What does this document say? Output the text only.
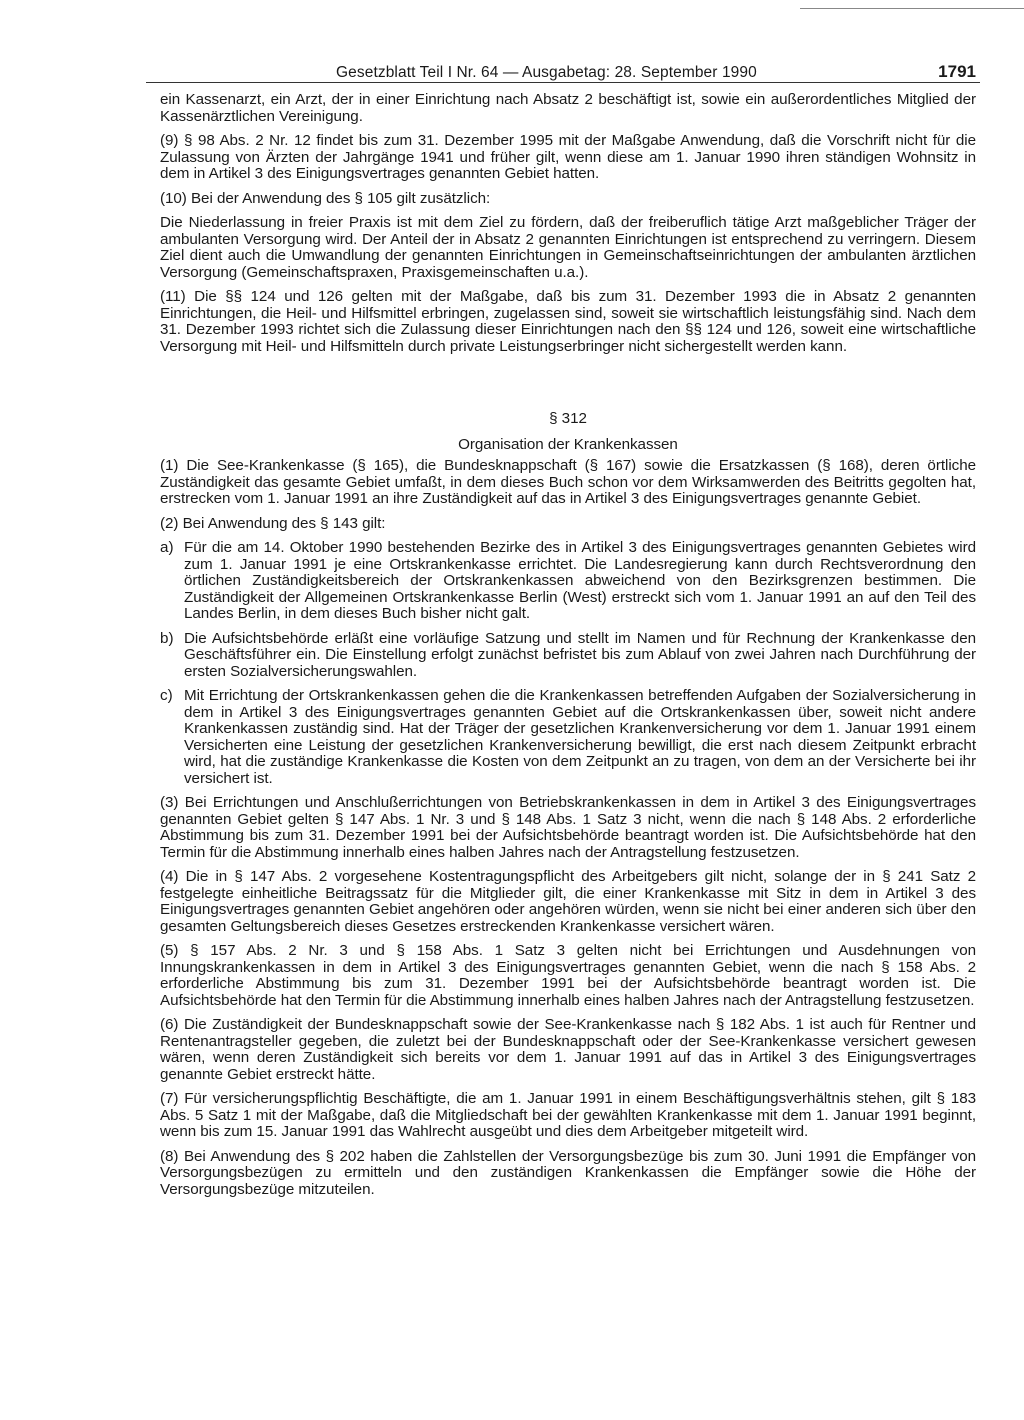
Gesetzblatt Teil I Nr. 64 — Ausgabetag: 28. September 1990	1791

ein Kassenarzt, ein Arzt, der in einer Einrichtung nach Absatz 2 beschäftigt ist, sowie ein außerordentliches Mitglied der Kassenärztlichen Vereinigung.

(9) § 98 Abs. 2 Nr. 12 findet bis zum 31. Dezember 1995 mit der Maßgabe Anwendung, daß die Vorschrift nicht für die Zulassung von Ärzten der Jahrgänge 1941 und früher gilt, wenn diese am 1. Januar 1990 ihren ständigen Wohnsitz in dem in Artikel 3 des Einigungsvertrages genannten Gebiet hatten.

(10) Bei der Anwendung des § 105 gilt zusätzlich:

Die Niederlassung in freier Praxis ist mit dem Ziel zu fördern, daß der freiberuflich tätige Arzt maßgeblicher Träger der ambulanten Versorgung wird. Der Anteil der in Absatz 2 genannten Einrichtungen ist entsprechend zu verringern. Diesem Ziel dient auch die Umwandlung der genannten Einrichtungen in Gemeinschaftseinrichtungen der ambulanten ärztlichen Versorgung (Gemeinschaftspraxen, Praxisgemeinschaften u.a.).

(11) Die §§ 124 und 126 gelten mit der Maßgabe, daß bis zum 31. Dezember 1993 die in Absatz 2 genannten Einrichtungen, die Heil- und Hilfsmittel erbringen, zugelassen sind, soweit sie wirtschaftlich leistungsfähig sind. Nach dem 31. Dezember 1993 richtet sich die Zulassung dieser Einrichtungen nach den §§ 124 und 126, soweit eine wirtschaftliche Versorgung mit Heil- und Hilfsmitteln durch private Leistungserbringer nicht sichergestellt werden kann.

§ 312

Organisation der Krankenkassen

(1) Die See-Krankenkasse (§ 165), die Bundesknappschaft (§ 167) sowie die Ersatzkassen (§ 168), deren örtliche Zuständigkeit das gesamte Gebiet umfaßt, in dem dieses Buch schon vor dem Wirksamwerden des Beitritts gegolten hat, erstrecken vom 1. Januar 1991 an ihre Zuständigkeit auf das in Artikel 3 des Einigungsvertrages genannte Gebiet.

(2) Bei Anwendung des § 143 gilt:

a) Für die am 14. Oktober 1990 bestehenden Bezirke des in Artikel 3 des Einigungsvertrages genannten Gebietes wird zum 1. Januar 1991 je eine Ortskrankenkasse errichtet. Die Landesregierung kann durch Rechtsverordnung den örtlichen Zuständigkeitsbereich der Ortskrankenkassen abweichend von den Bezirksgrenzen bestimmen. Die Zuständigkeit der Allgemeinen Ortskrankenkasse Berlin (West) erstreckt sich vom 1. Januar 1991 an auf den Teil des Landes Berlin, in dem dieses Buch bisher nicht galt.

b) Die Aufsichtsbehörde erläßt eine vorläufige Satzung und stellt im Namen und für Rechnung der Krankenkasse den Geschäftsführer ein. Die Einstellung erfolgt zunächst befristet bis zum Ablauf von zwei Jahren nach Durchführung der ersten Sozialversicherungswahlen.

c) Mit Errichtung der Ortskrankenkassen gehen die die Krankenkassen betreffenden Aufgaben der Sozialversicherung in dem in Artikel 3 des Einigungsvertrages genannten Gebiet auf die Ortskrankenkassen über, soweit nicht andere Krankenkassen zuständig sind. Hat der Träger der gesetzlichen Krankenversicherung vor dem 1. Januar 1991 einem Versicherten eine Leistung der gesetzlichen Krankenversicherung bewilligt, die erst nach diesem Zeitpunkt erbracht wird, hat die zuständige Krankenkasse die Kosten von dem Zeitpunkt an zu tragen, von dem an der Versicherte bei ihr versichert ist.

(3) Bei Errichtungen und Anschlußerrichtungen von Betriebskrankenkassen in dem in Artikel 3 des Einigungsvertrages genannten Gebiet gelten § 147 Abs. 1 Nr. 3 und § 148 Abs. 1 Satz 3 nicht, wenn die nach § 148 Abs. 2 erforderliche Abstimmung bis zum 31. Dezember 1991 bei der Aufsichtsbehörde beantragt worden ist. Die Aufsichtsbehörde hat den Termin für die Abstimmung innerhalb eines halben Jahres nach der Antragstellung festzusetzen.

(4) Die in § 147 Abs. 2 vorgesehene Kostentragungspflicht des Arbeitgebers gilt nicht, solange der in § 241 Satz 2 festgelegte einheitliche Beitragssatz für die Mitglieder gilt, die einer Krankenkasse mit Sitz in dem in Artikel 3 des Einigungsvertrages genannten Gebiet angehören oder angehören würden, wenn sie nicht bei einer anderen sich über den gesamten Geltungsbereich dieses Gesetzes erstreckenden Krankenkasse versichert wären.

(5) § 157 Abs. 2 Nr. 3 und § 158 Abs. 1 Satz 3 gelten nicht bei Errichtungen und Ausdehnungen von Innungskrankenkassen in dem in Artikel 3 des Einigungsvertrages genannten Gebiet, wenn die nach § 158 Abs. 2 erforderliche Abstimmung bis zum 31. Dezember 1991 bei der Aufsichtsbehörde beantragt worden ist. Die Aufsichtsbehörde hat den Termin für die Abstimmung innerhalb eines halben Jahres nach der Antragstellung festzusetzen.

(6) Die Zuständigkeit der Bundesknappschaft sowie der See-Krankenkasse nach § 182 Abs. 1 ist auch für Rentner und Rentenantragsteller gegeben, die zuletzt bei der Bundesknappschaft oder der See-Krankenkasse versichert gewesen wären, wenn deren Zuständigkeit sich bereits vor dem 1. Januar 1991 auf das in Artikel 3 des Einigungsvertrages genannte Gebiet erstreckt hätte.

(7) Für versicherungspflichtig Beschäftigte, die am 1. Januar 1991 in einem Beschäftigungsverhältnis stehen, gilt § 183 Abs. 5 Satz 1 mit der Maßgabe, daß die Mitgliedschaft bei der gewählten Krankenkasse mit dem 1. Januar 1991 beginnt, wenn bis zum 15. Januar 1991 das Wahlrecht ausgeübt und dies dem Arbeitgeber mitgeteilt wird.

(8) Bei Anwendung des § 202 haben die Zahlstellen der Versorgungsbezüge bis zum 30. Juni 1991 die Empfänger von Versorgungsbezügen zu ermitteln und den zuständigen Krankenkassen die Empfänger sowie die Höhe der Versorgungsbezüge mitzuteilen.
